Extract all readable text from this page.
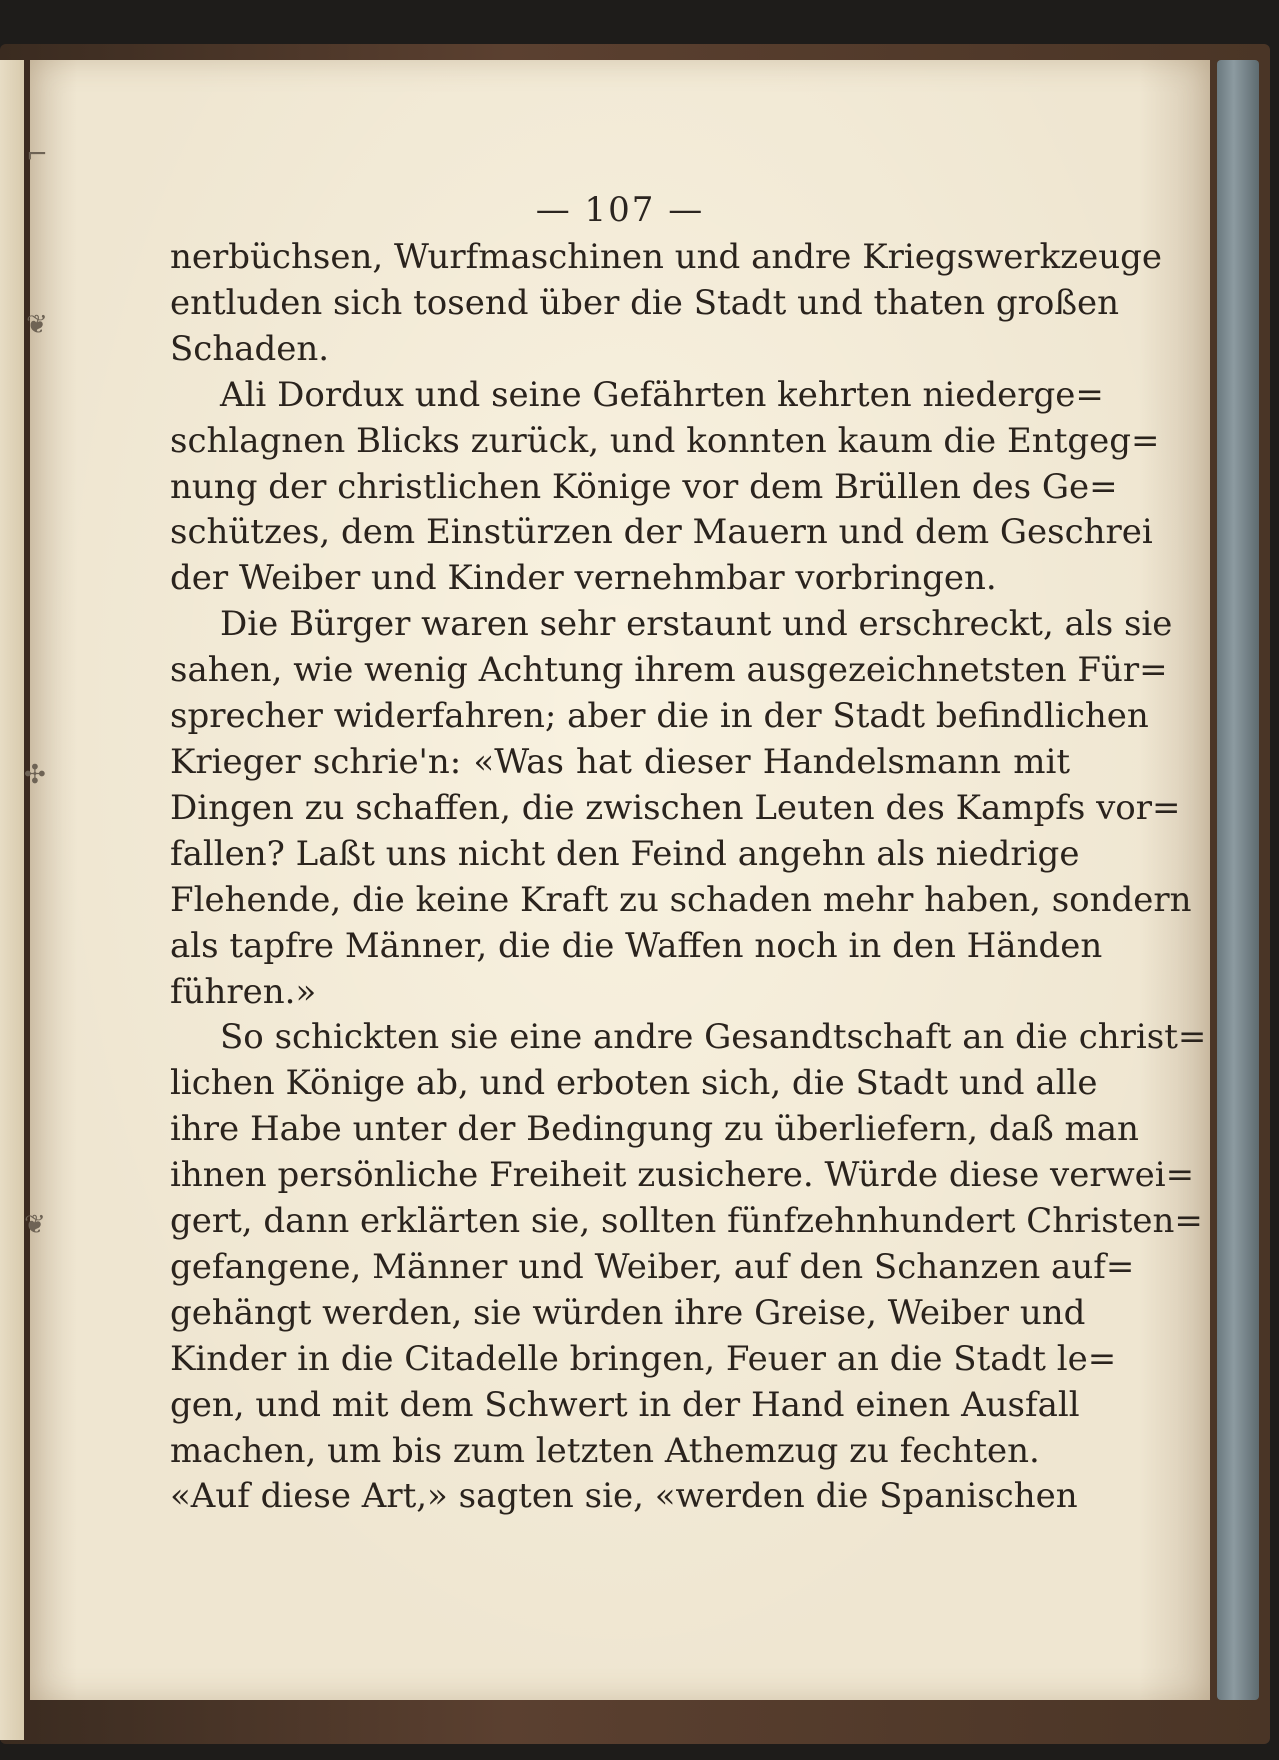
— 107 —
nerbüchsen, Wurfmaschinen und andre Kriegswerkzeuge
entluden sich tosend über die Stadt und thaten großen
Schaden.
Ali Dordux und seine Gefährten kehrten niederge=
schlagnen Blicks zurück, und konnten kaum die Entgeg=
nung der christlichen Könige vor dem Brüllen des Ge=
schützes, dem Einstürzen der Mauern und dem Geschrei
der Weiber und Kinder vernehmbar vorbringen.
Die Bürger waren sehr erstaunt und erschreckt, als sie
sahen, wie wenig Achtung ihrem ausgezeichnetsten Für=
sprecher widerfahren; aber die in der Stadt befindlichen
Krieger schrie'n: «Was hat dieser Handelsmann mit
Dingen zu schaffen, die zwischen Leuten des Kampfs vor=
fallen? Laßt uns nicht den Feind angehn als niedrige
Flehende, die keine Kraft zu schaden mehr haben, sondern
als tapfre Männer, die die Waffen noch in den Händen
führen.»
So schickten sie eine andre Gesandtschaft an die christ=
lichen Könige ab, und erboten sich, die Stadt und alle
ihre Habe unter der Bedingung zu überliefern, daß man
ihnen persönliche Freiheit zusichere. Würde diese verwei=
gert, dann erklärten sie, sollten fünfzehnhundert Christen=
gefangene, Männer und Weiber, auf den Schanzen auf=
gehängt werden, sie würden ihre Greise, Weiber und
Kinder in die Citadelle bringen, Feuer an die Stadt le=
gen, und mit dem Schwert in der Hand einen Ausfall
machen, um bis zum letzten Athemzug zu fechten.
«Auf diese Art,» sagten sie, «werden die Spanischen
⌐
❦
✣
❦
